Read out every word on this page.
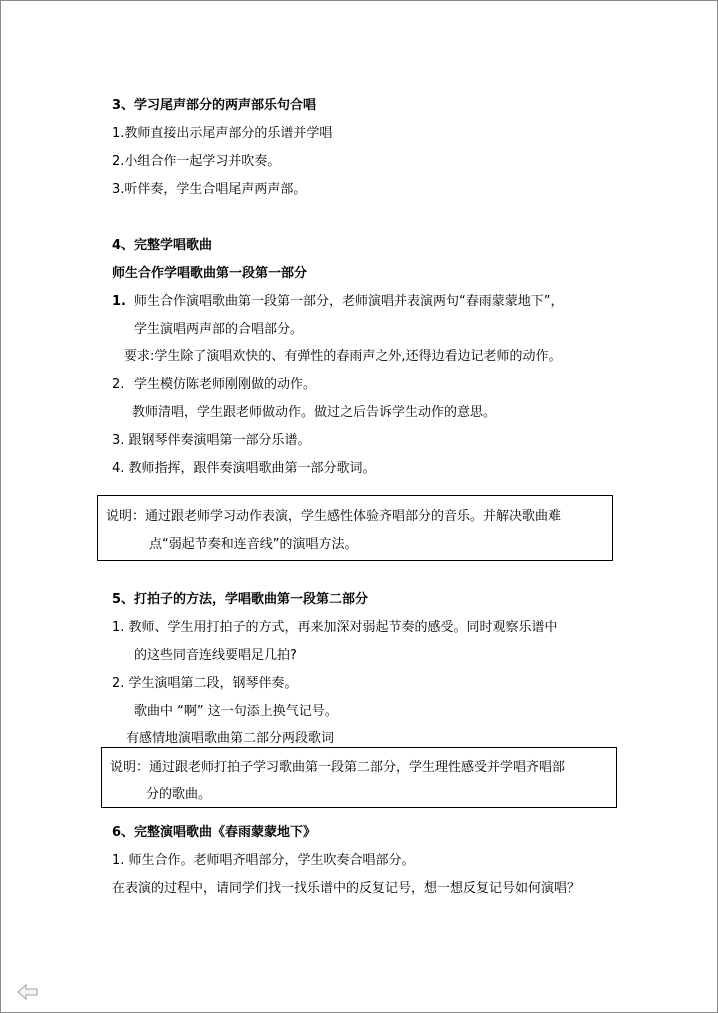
3、学习尾声部分的两声部乐句合唱
1.教师直接出示尾声部分的乐谱并学唱
2.小组合作一起学习并吹奏。
3.听伴奏，学生合唱尾声两声部。
4、完整学唱歌曲
师生合作学唱歌曲第一段第一部分
1. 师生合作演唱歌曲第一段第一部分，老师演唱并表演两句“春雨蒙蒙地下”，
学生演唱两声部的合唱部分。
要求:学生除了演唱欢快的、有弹性的春雨声之外,还得边看边记老师的动作。
2. 学生模仿陈老师刚刚做的动作。
教师清唱，学生跟老师做动作。做过之后告诉学生动作的意思。
3. 跟钢琴伴奏演唱第一部分乐谱。
4. 教师指挥，跟伴奏演唱歌曲第一部分歌词。
说明：通过跟老师学习动作表演，学生感性体验齐唱部分的音乐。并解决歌曲难
点“弱起节奏和连音线”的演唱方法。
5、打拍子的方法，学唱歌曲第一段第二部分
1. 教师、学生用打拍子的方式，再来加深对弱起节奏的感受。同时观察乐谱中
的这些同音连线要唱足几拍?
2. 学生演唱第二段，钢琴伴奏。
歌曲中 “啊” 这一句添上换气记号。
有感情地演唱歌曲第二部分两段歌词
说明：通过跟老师打拍子学习歌曲第一段第二部分，学生理性感受并学唱齐唱部
分的歌曲。
6、完整演唱歌曲《春雨蒙蒙地下》
1. 师生合作。老师唱齐唱部分，学生吹奏合唱部分。
在表演的过程中，请同学们找一找乐谱中的反复记号，想一想反复记号如何演唱？
